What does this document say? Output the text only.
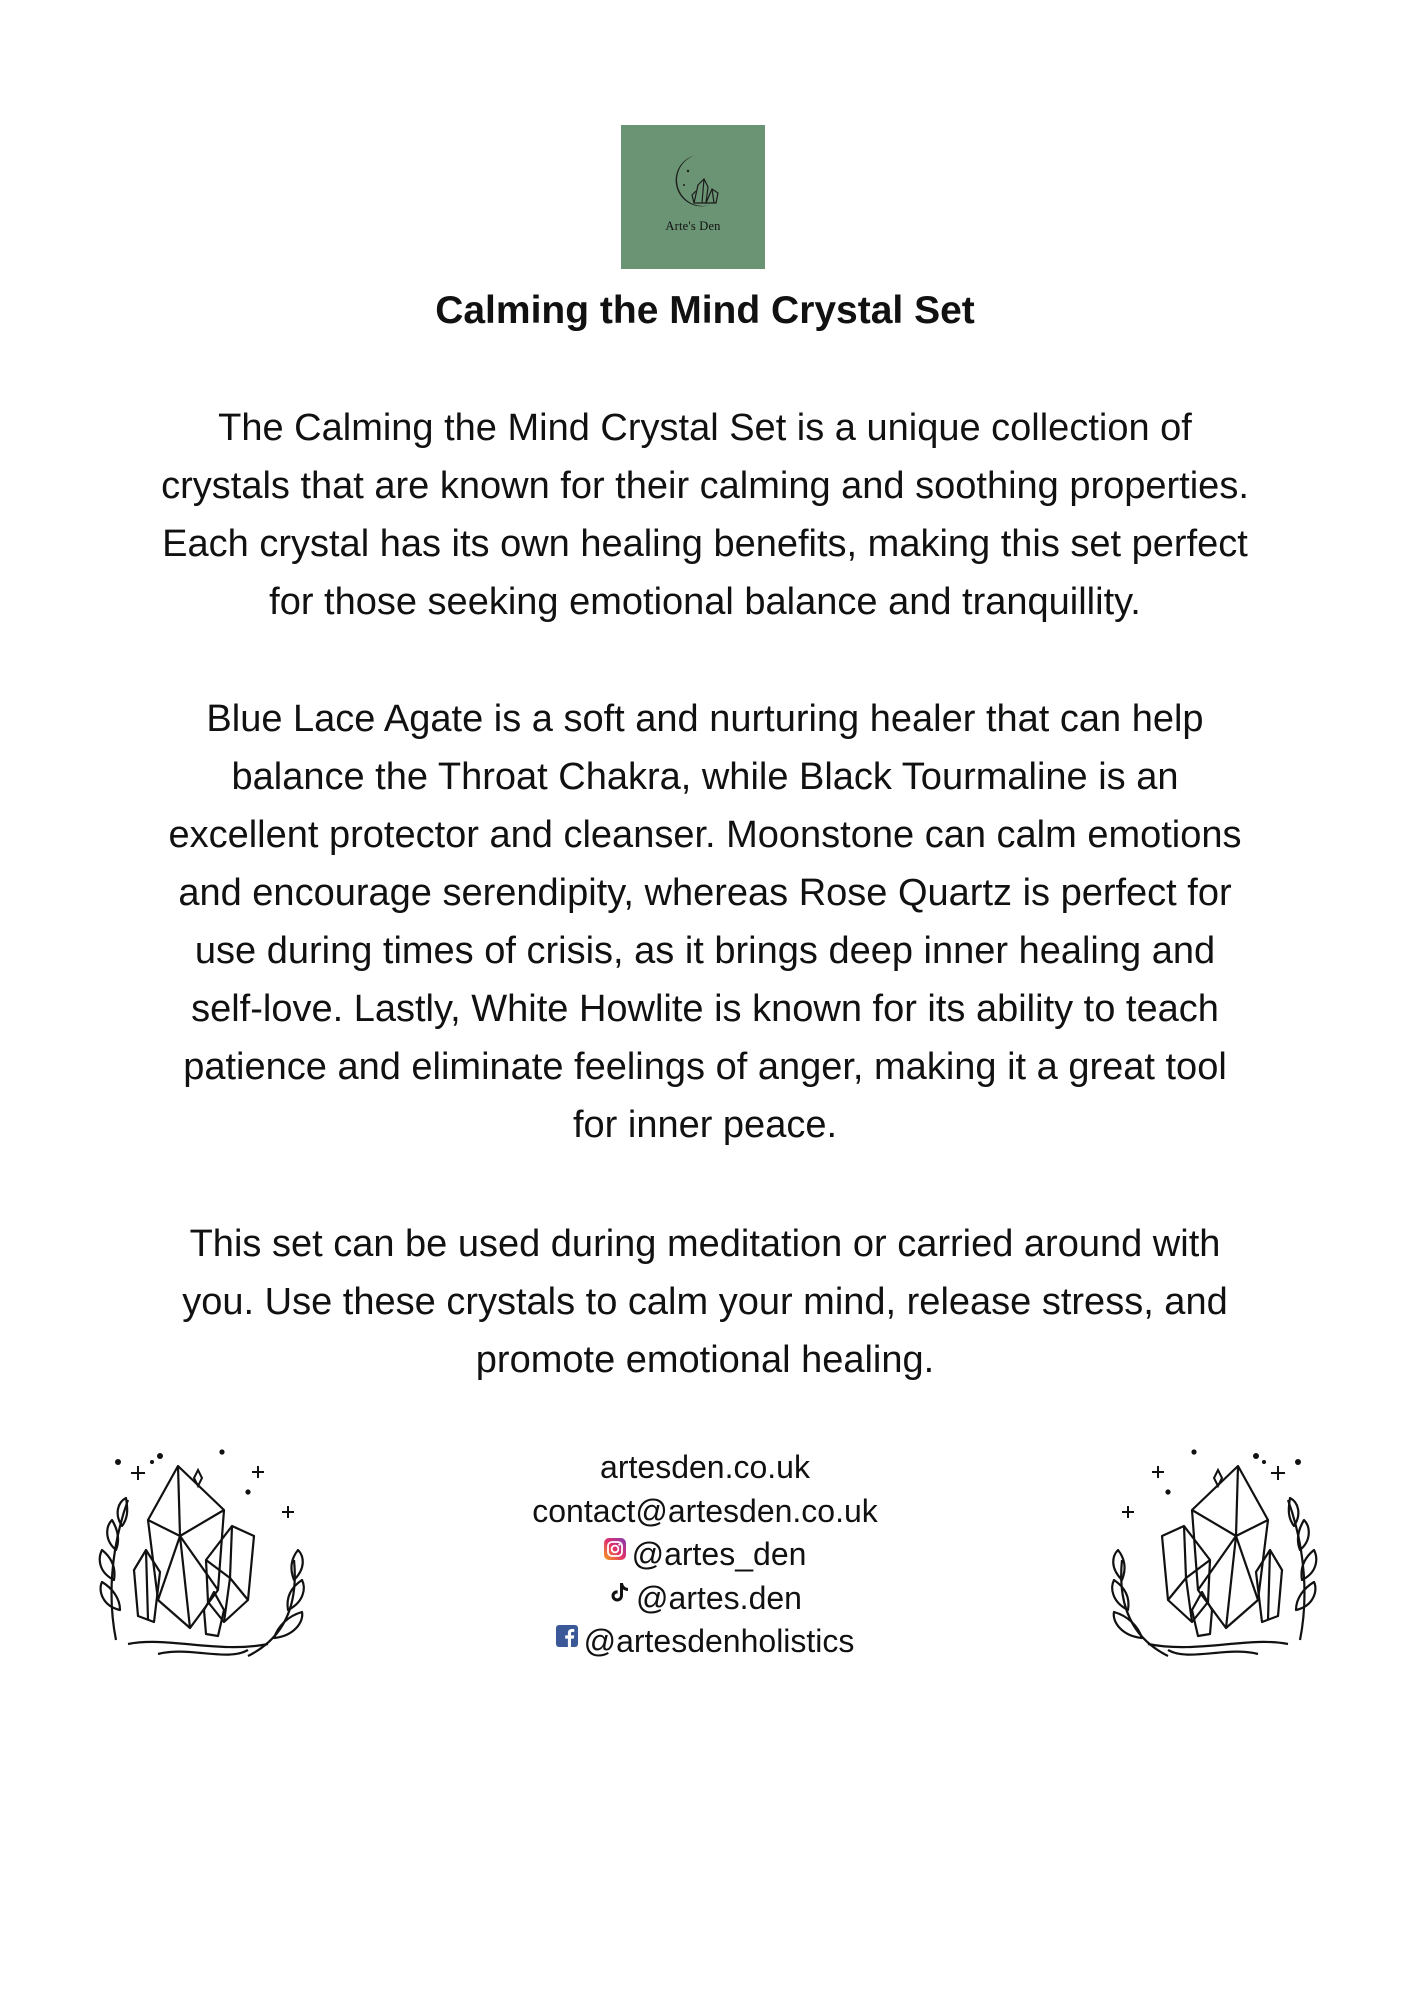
Arte's Den
Calming the Mind Crystal Set
The Calming the Mind Crystal Set is a unique collection of
crystals that are known for their calming and soothing properties.
Each crystal has its own healing benefits, making this set perfect
for those seeking emotional balance and tranquillity.
Blue Lace Agate is a soft and nurturing healer that can help
balance the Throat Chakra, while Black Tourmaline is an
excellent protector and cleanser. Moonstone can calm emotions
and encourage serendipity, whereas Rose Quartz is perfect for
use during times of crisis, as it brings deep inner healing and
self-love. Lastly, White Howlite is known for its ability to teach
patience and eliminate feelings of anger, making it a great tool
for inner peace.
This set can be used during meditation or carried around with
you. Use these crystals to calm your mind, release stress, and
promote emotional healing.
artesden.co.uk
contact@artesden.co.uk
@artes_den
@artes.den
@artesdenholistics
